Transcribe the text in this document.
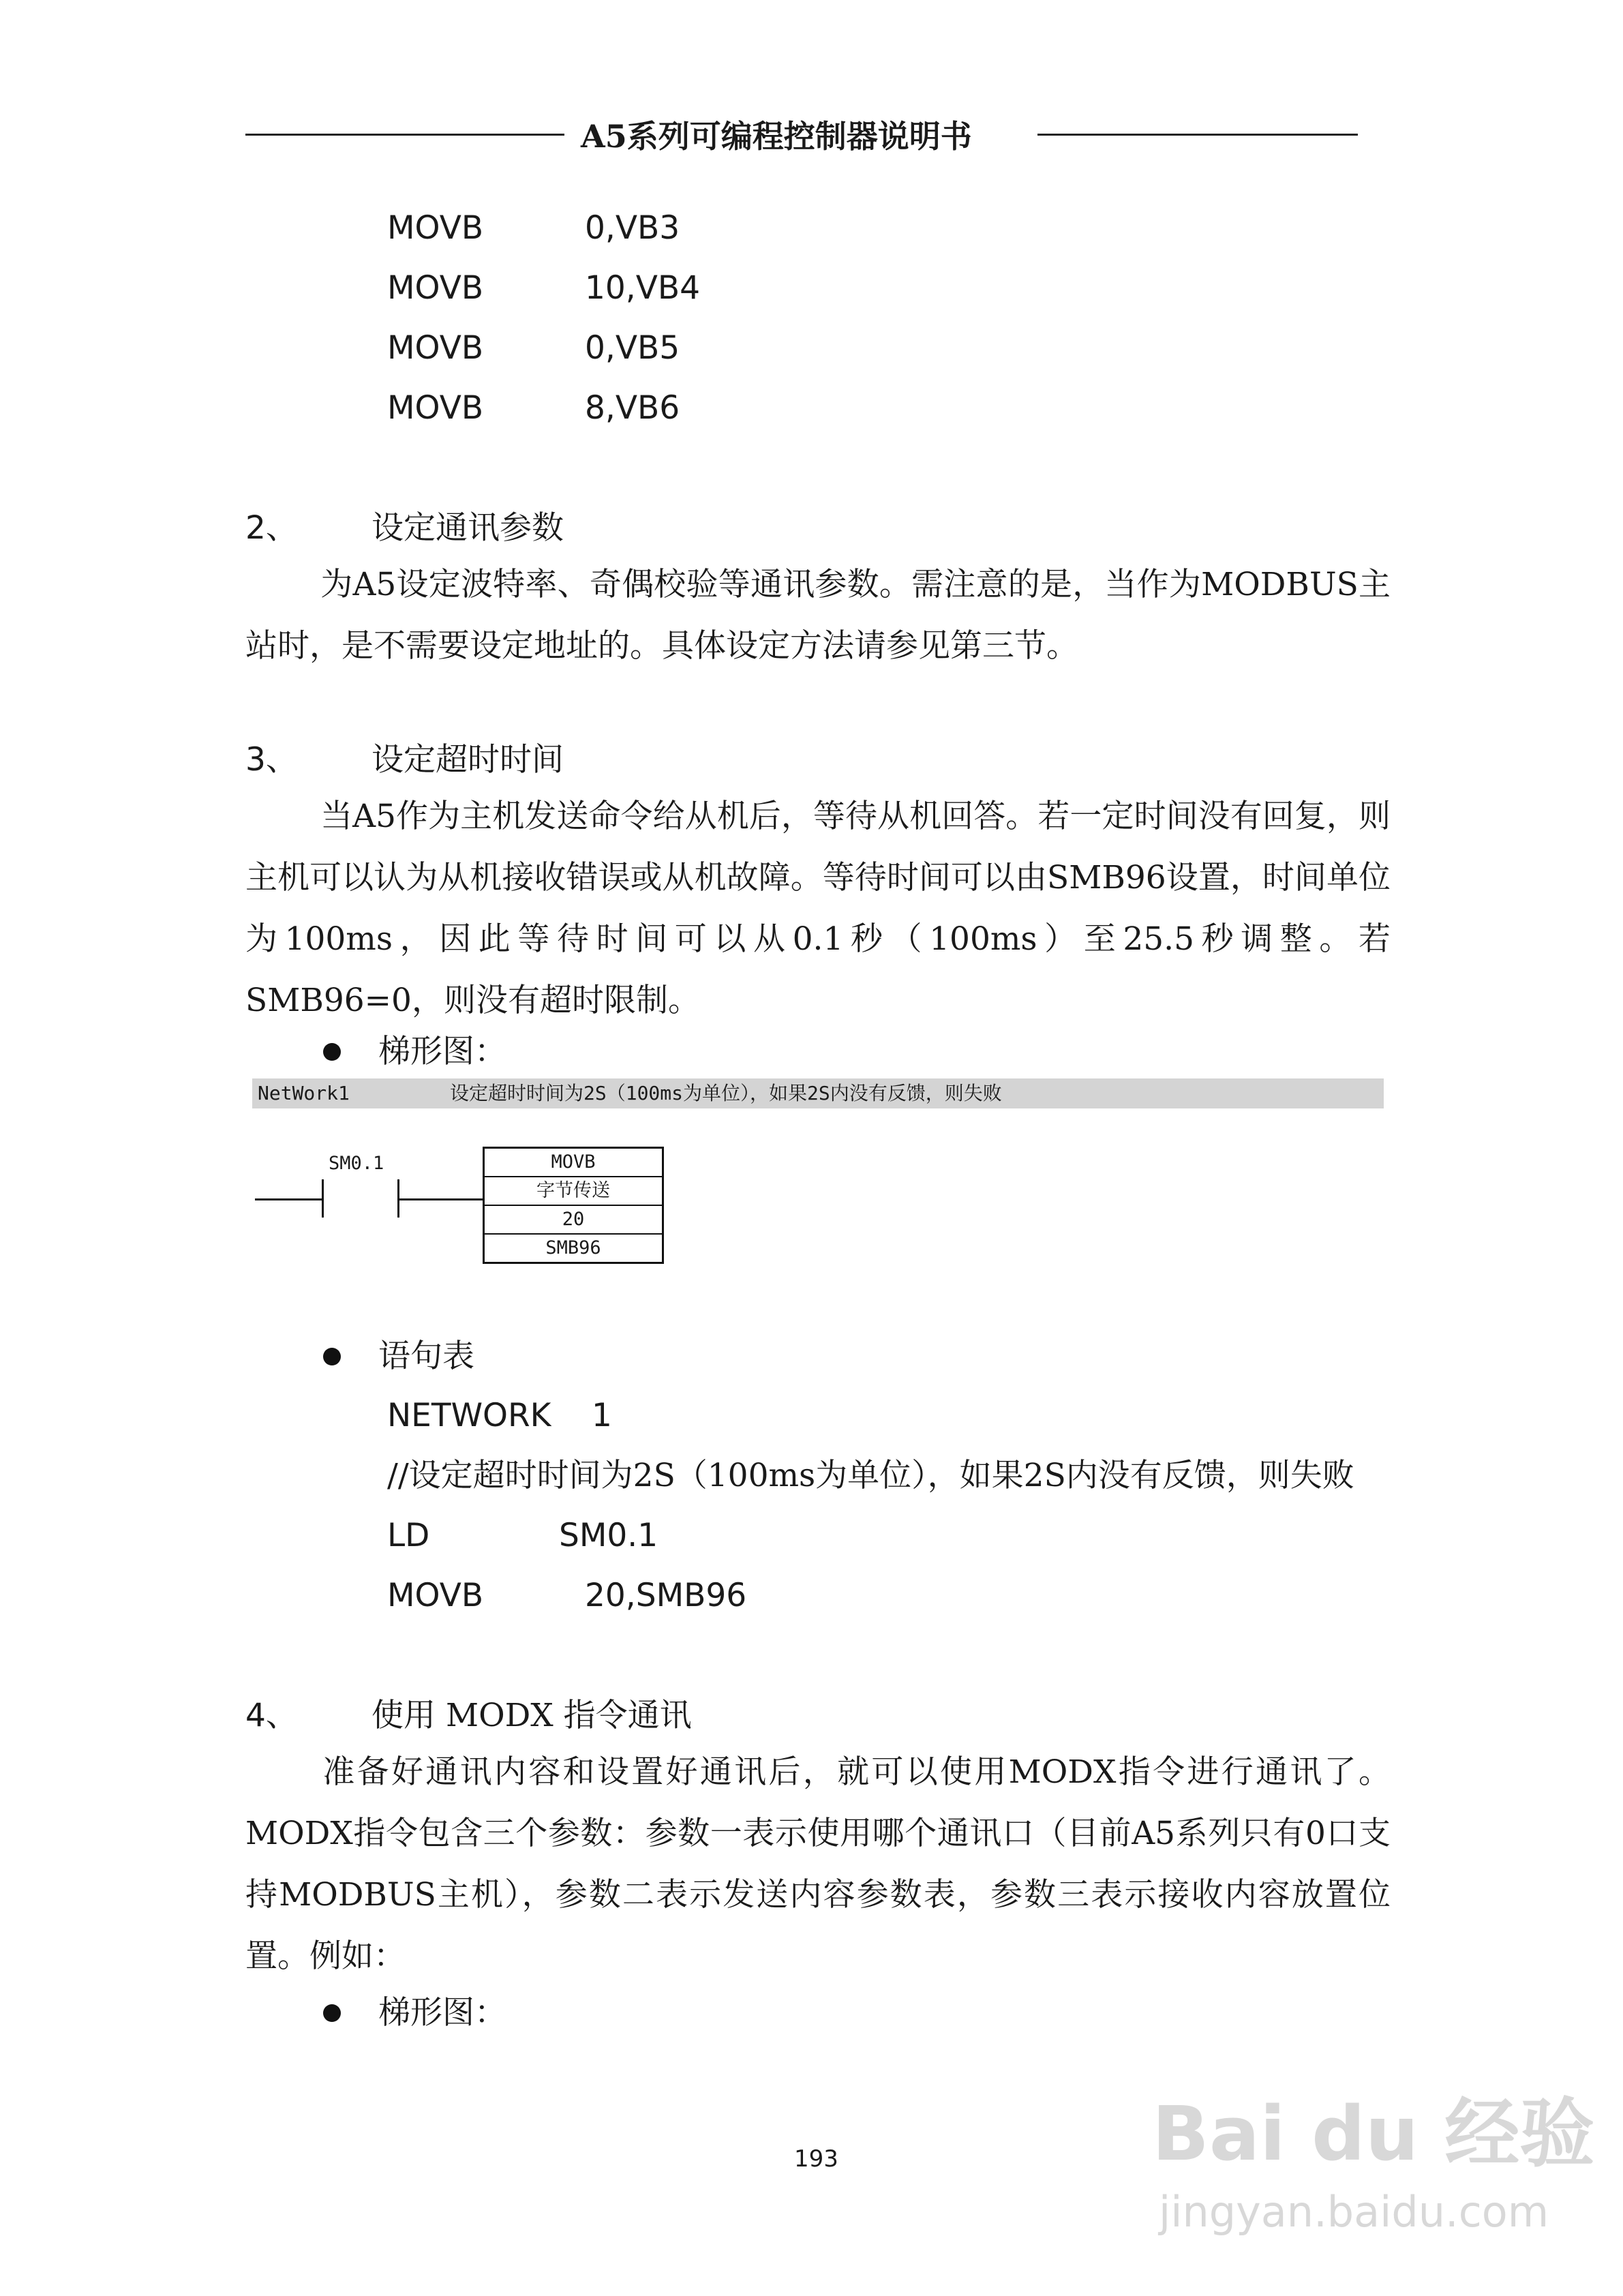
A5系列可编程控制器说明书
MOVB	0,VB3
MOVB	10,VB4
MOVB	0,VB5
MOVB	8,VB6
2、 设定通讯参数
为A5设定波特率、奇偶校验等通讯参数。需注意的是，当作为MODBUS主站时，是不需要设定地址的。具体设定方法请参见第三节。
3、 设定超时时间
当A5作为主机发送命令给从机后，等待从机回答。若一定时间没有回复，则主机可以认为从机接收错误或从机故障。等待时间可以由SMB96设置，时间单位为100ms，因此等待时间可以从0.1秒（100ms）至25.5秒调整。若SMB96=0，则没有超时限制。
梯形图：
NetWork1	设定超时时间为2S（100ms为单位），如果2S内没有反馈，则失败
SM0.1	MOVB
字节传送
20
SMB96
语句表
NETWORK 1
//设定超时时间为2S（100ms为单位），如果2S内没有反馈，则失败
LD	SM0.1
MOVB	20,SMB96
4、 使用 MODX 指令通讯
准备好通讯内容和设置好通讯后，就可以使用MODX指令进行通讯了。MODX指令包含三个参数：参数一表示使用哪个通讯口（目前A5系列只有0口支持MODBUS主机），参数二表示发送内容参数表，参数三表示接收内容放置位置。例如：
梯形图：
193	Bai du 经验
jingyan.baidu.com
